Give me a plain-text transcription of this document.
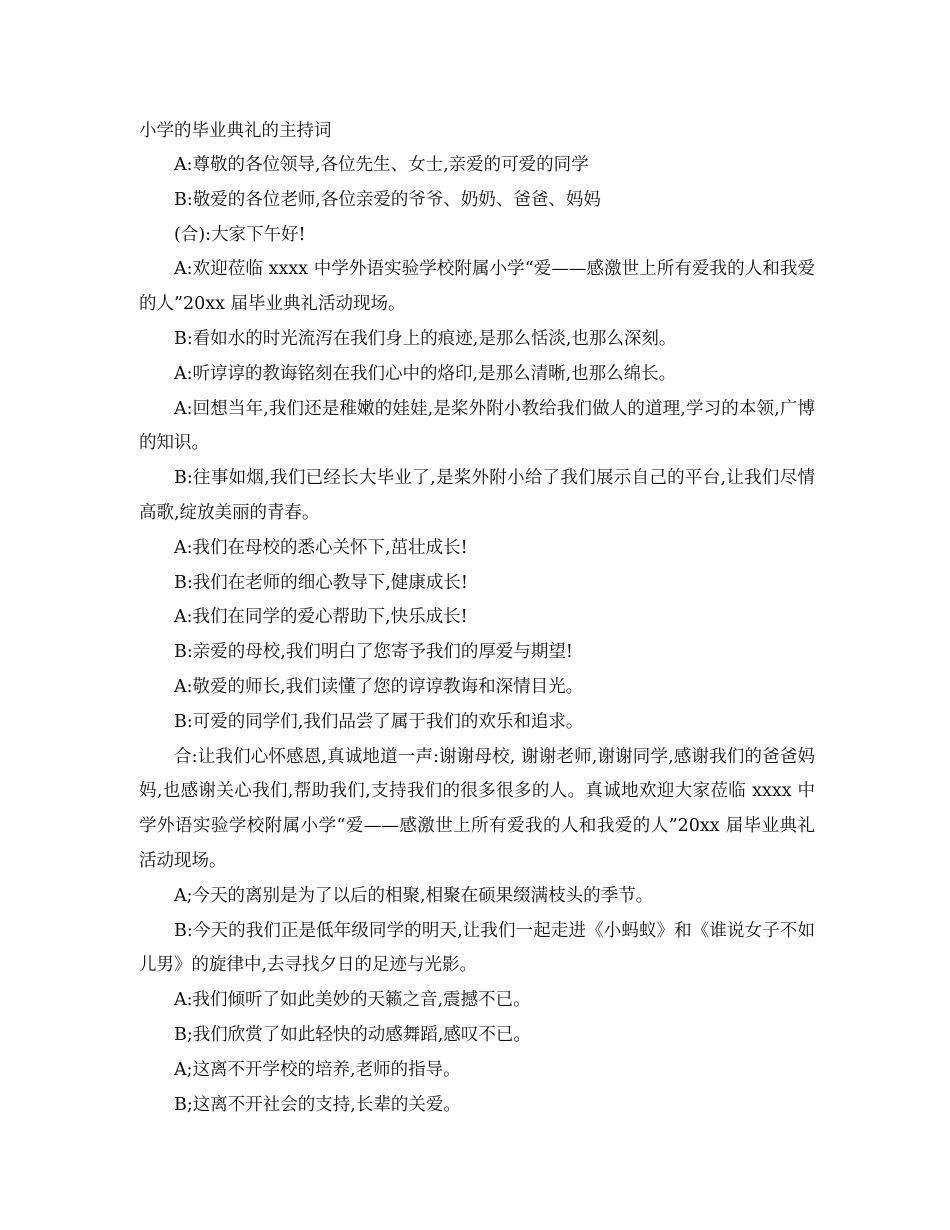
小学的毕业典礼的主持词

A:尊敬的各位领导,各位先生、女士,亲爱的可爱的同学

B:敬爱的各位老师,各位亲爱的爷爷、奶奶、爸爸、妈妈

(合):大家下午好!

A:欢迎莅临 xxxx 中学外语实验学校附属小学“爱——感激世上所有爱我的人和我爱的人”20xx 届毕业典礼活动现场。

B:看如水的时光流泻在我们身上的痕迹,是那么恬淡,也那么深刻。

A:听谆谆的教诲铭刻在我们心中的烙印,是那么清晰,也那么绵长。

A:回想当年,我们还是稚嫩的娃娃,是桨外附小教给我们做人的道理,学习的本领,广博的知识。

B:往事如烟,我们已经长大毕业了,是桨外附小给了我们展示自己的平台,让我们尽情高歌,绽放美丽的青春。

A:我们在母校的悉心关怀下,茁壮成长!

B:我们在老师的细心教导下,健康成长!

A:我们在同学的爱心帮助下,快乐成长!

B:亲爱的母校,我们明白了您寄予我们的厚爱与期望!

A:敬爱的师长,我们读懂了您的谆谆教诲和深情目光。

B:可爱的同学们,我们品尝了属于我们的欢乐和追求。

合:让我们心怀感恩,真诚地道一声:谢谢母校, 谢谢老师,谢谢同学,感谢我们的爸爸妈妈,也感谢关心我们,帮助我们,支持我们的很多很多的人。真诚地欢迎大家莅临 xxxx 中学外语实验学校附属小学“爱——感激世上所有爱我的人和我爱的人”20xx 届毕业典礼活动现场。

A;今天的离别是为了以后的相聚,相聚在硕果缀满枝头的季节。

B:今天的我们正是低年级同学的明天,让我们一起走进《小蚂蚁》和《谁说女子不如儿男》的旋律中,去寻找夕日的足迹与光影。

A:我们倾听了如此美妙的天籁之音,震撼不已。

B;我们欣赏了如此轻快的动感舞蹈,感叹不已。

A;这离不开学校的培养,老师的指导。

B;这离不开社会的支持,长辈的关爱。
